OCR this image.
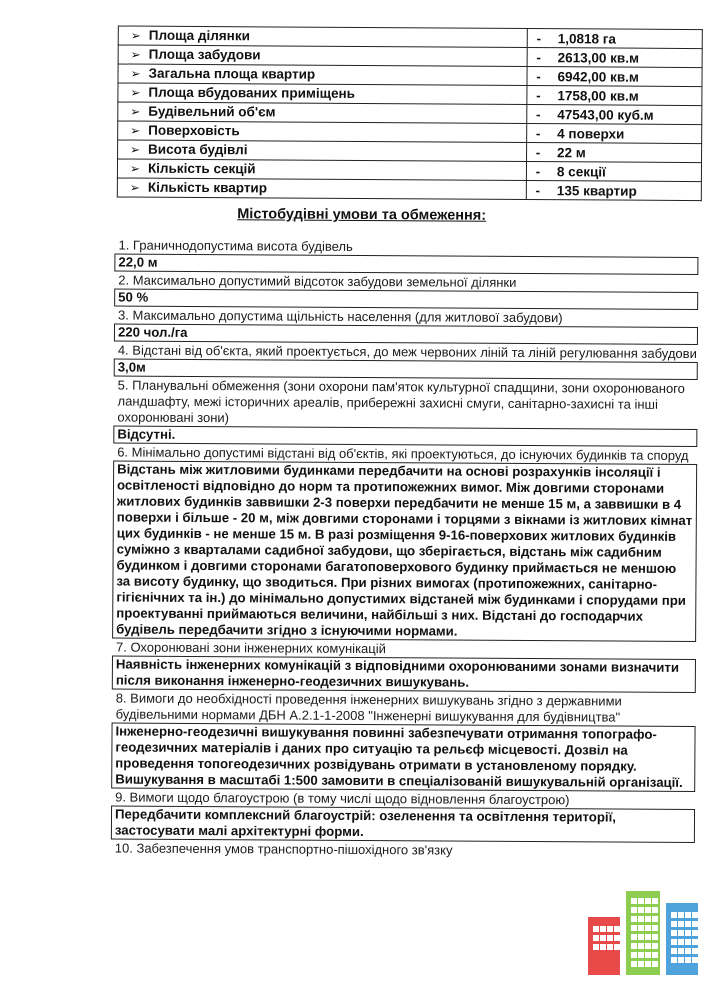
➢ Площа ділянки	-	1,0818 га
➢ Площа забудови	-	2613,00 кв.м
➢ Загальна площа квартир	-	6942,00 кв.м
➢ Площа вбудованих приміщень	-	1758,00 кв.м
➢ Будівельний об'єм	-	47543,00 куб.м
➢ Поверховість	-	4 поверхи
➢ Висота будівлі	-	22 м
➢ Кількість секцій	-	8 секції
➢ Кількість квартир	-	135 квартир
Містобудівні умови та обмеження:
1. Граничнодопустима висота будівель
22,0 м
2. Максимально допустимий відсоток забудови земельної ділянки
50 %
3. Максимально допустима щільність населення (для житлової забудови)
220 чол./га
4. Відстані від об'єкта, який проектується, до меж червоних ліній та ліній регулювання забудови
3,0м
5. Планувальні обмеження (зони охорони пам'яток культурної спадщини, зони охоронюваного ландшафту, межі історичних ареалів, прибережні захисні смуги, санітарно-захисні та інші охоронювані зони)
Відсутні.
6. Мінімально допустимі відстані від об'єктів, які проектуються, до існуючих будинків та споруд
Відстань між житловими будинками передбачити на основі розрахунків інсоляції і освітленості відповідно до норм та протипожежних вимог. Між довгими сторонами житлових будинків заввишки 2-3 поверхи передбачити не менше 15 м, а заввишки в 4 поверхи і більше - 20 м, між довгими сторонами і торцями з вікнами із житлових кімнат цих будинків - не менше 15 м. В разі розміщення 9-16-поверхових житлових будинків суміжно з кварталами садибної забудови, що зберігається, відстань між садибним будинком і довгими сторонами багатоповерхового будинку приймається не меншою за висоту будинку, що зводиться. При різних вимогах (протипожежних, санітарно-гігієнічних та ін.) до мінімально допустимих відстаней між будинками і спорудами при проектуванні приймаються величини, найбільші з них. Відстані до господарчих будівель передбачити згідно з існуючими нормами.
7. Охоронювані зони інженерних комунікацій
Наявність інженерних комунікацій з відповідними охоронюваними зонами визначити після виконання інженерно-геодезичних вишукувань.
8. Вимоги до необхідності проведення інженерних вишукувань згідно з державними будівельними нормами ДБН А.2.1-1-2008 "Інженерні вишукування для будівництва"
Інженерно-геодезичні вишукування повинні забезпечувати отримання топографо-геодезичних матеріалів і даних про ситуацію та рельєф місцевості. Дозвіл на проведення топогеодезичних розвідувань отримати в установленому порядку. Вишукування в масштабі 1:500 замовити в спеціалізованій вишукувальній організації.
9. Вимоги щодо благоустрою (в тому числі щодо відновлення благоустрою)
Передбачити комплексний благоустрій: озеленення та освітлення території, застосувати малі архітектурні форми.
10. Забезпечення умов транспортно-пішохідного зв'язку
